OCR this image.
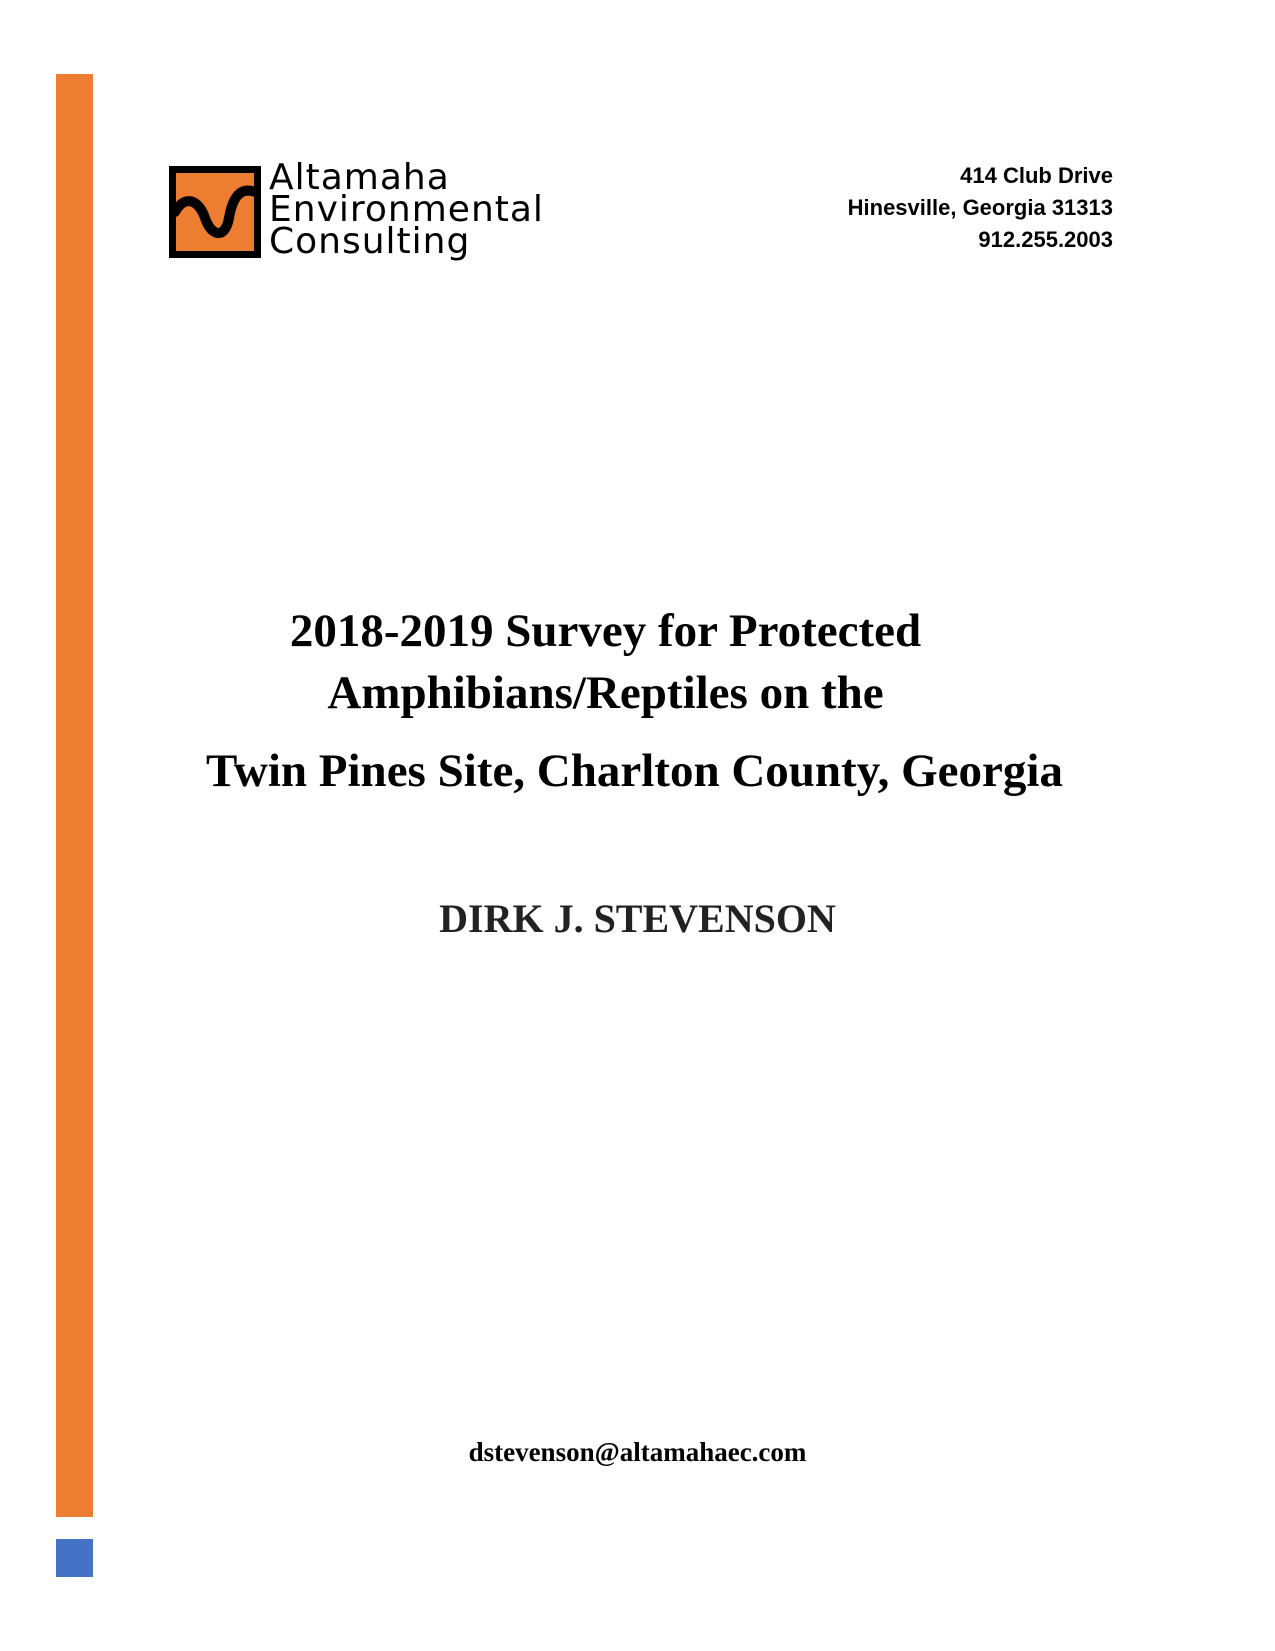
Altamaha
Environmental
Consulting
414 Club Drive
Hinesville, Georgia 31313
912.255.2003
2018-2019 Survey for Protected
Amphibians/Reptiles on the
Twin Pines Site, Charlton County, Georgia
DIRK J. STEVENSON
dstevenson@altamahaec.com
